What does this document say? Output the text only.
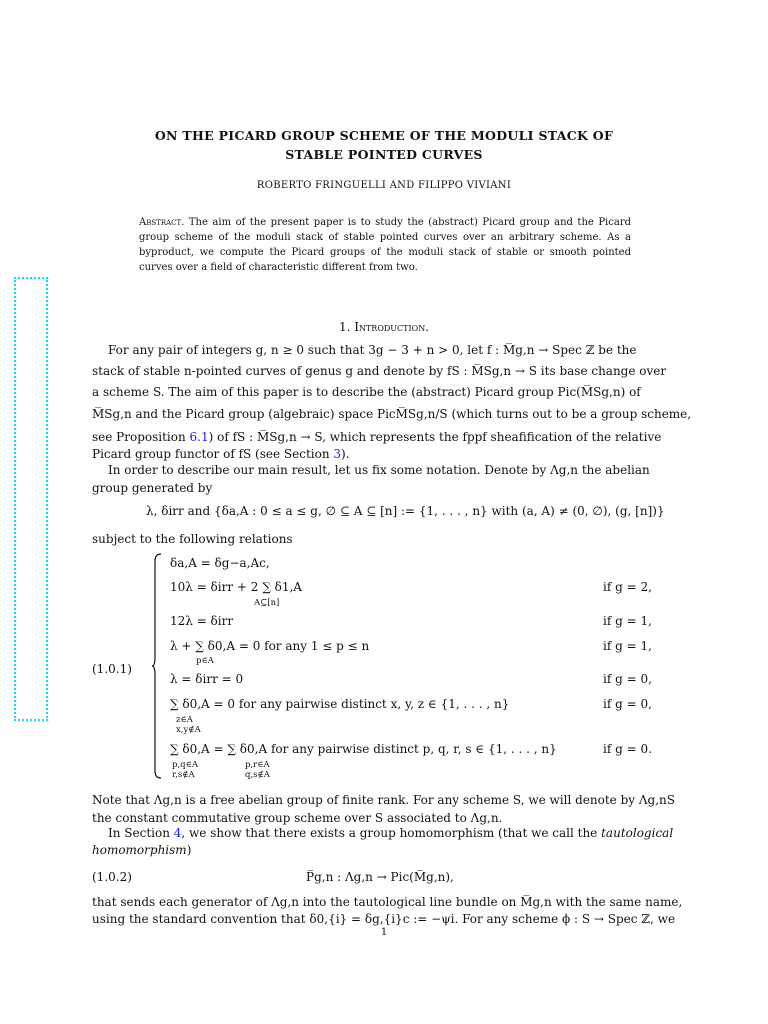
ON THE PICARD GROUP SCHEME OF THE MODULI STACK OF
STABLE POINTED CURVES
ROBERTO FRINGUELLI AND FILIPPO VIVIANI
Abstract. The aim of the present paper is to study the (abstract) Picard group and the Picard group scheme of the moduli stack of stable pointed curves over an arbitrary scheme. As a byproduct, we compute the Picard groups of the moduli stack of stable or smooth pointed curves over a field of characteristic different from two.
1. Introduction.
For any pair of integers g, n ≥ 0 such that 3g − 3 + n > 0, let f : M̅g,n → Spec ℤ be the
stack of stable n-pointed curves of genus g and denote by fS : M̅Sg,n → S its base change over
a scheme S. The aim of this paper is to describe the (abstract) Picard group Pic(M̅Sg,n) of
M̅Sg,n and the Picard group (algebraic) space PicM̅Sg,n/S (which turns out to be a group scheme,
see Proposition 6.1) of fS : M̅Sg,n → S, which represents the fppf sheafification of the relative
Picard group functor of fS (see Section 3).
In order to describe our main result, let us fix some notation. Denote by Λg,n the abelian
group generated by
λ, δirr and {δa,A : 0 ≤ a ≤ g, ∅ ⊆ A ⊆ [n] := {1, . . . , n} with (a, A) ≠ (0, ∅), (g, [n])}
subject to the following relations
(1.0.1)
δa,A = δg−a,Ac,
10λ = δirr + 2 ∑ δ1,A
A⊆[n]
if g = 2,
12λ = δirr	if g = 1,
λ + ∑ δ0,A = 0 for any 1 ≤ p ≤ n
p∈A
if g = 1,
λ = δirr = 0	if g = 0,
∑ δ0,A = 0 for any pairwise distinct x, y, z ∈ {1, . . . , n}
z∈A
x,y∉A
if g = 0,
∑ δ0,A = ∑ δ0,A for any pairwise distinct p, q, r, s ∈ {1, . . . , n}
p,q∈A
r,s∉A
p,r∈A
q,s∉A
if g = 0.
Note that Λg,n is a free abelian group of finite rank. For any scheme S, we will denote by Λg,nS
the constant commutative group scheme over S associated to Λg,n.
In Section 4, we show that there exists a group homomorphism (that we call the tautological
homomorphism)
(1.0.2)	P̅g,n : Λg,n → Pic(M̅g,n),
that sends each generator of Λg,n into the tautological line bundle on M̅g,n with the same name,
using the standard convention that δ0,{i} = δg,{i}c := −ψi. For any scheme ϕ : S → Spec ℤ, we
1
